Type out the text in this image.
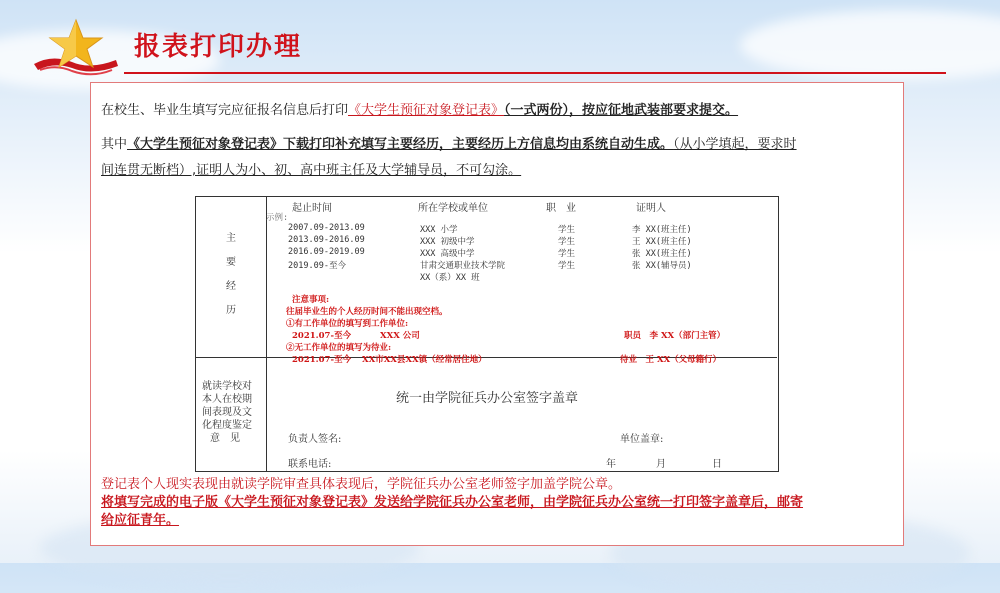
报表打印办理

在校生、毕业生填写完应征报名信息后打印《大学生预征对象登记表》（一式两份），按应征地武装部要求提交。

其中《大学生预征对象登记表》下载打印补充填写主要经历，主要经历上方信息均由系统自动生成。（从小学填起，要求时

间连贯无断档）,证明人为小、初、高中班主任及大学辅导员，不可勾涂。

起止时间	所在学校或单位	职　业	证明人
示例:
主
要
经
历
2007.09-2013.09	XXX 小学	学生	李 XX(班主任)
2013.09-2016.09	XXX 初级中学	学生	王 XX(班主任)
2016.09-2019.09	XXX 高级中学	学生	张 XX(班主任)
2019.09-至今	甘肃交通职业技术学院	学生	张 XX(辅导员)
XX（系）XX 班
注意事项:
往届毕业生的个人经历时间不能出现空档。
①有工作单位的填写到工作单位:
2021.07-至今	XXX 公司	职员　李 XX（部门主管）
②无工作单位的填写为待业:
2021.07-至今 XX市XX县XX镇（经常居住地）	待业　王 XX（父母籍行）
就读学校对
本人在校期
间表现及文
化程度鉴定
意　见
统一由学院征兵办公室签字盖章
负责人签名:	单位盖章:
联系电话:	年	月	日

登记表个人现实表现由就读学院审查具体表现后，学院征兵办公室老师签字加盖学院公章。

将填写完成的电子版《大学生预征对象登记表》发送给学院征兵办公室老师，由学院征兵办公室统一打印签字盖章后，邮寄

给应征青年。
